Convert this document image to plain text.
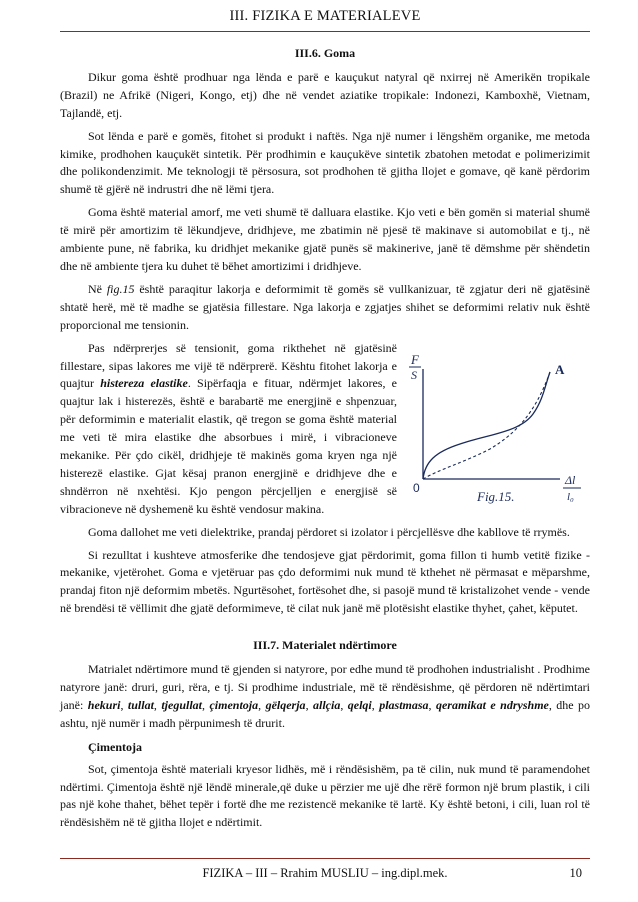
III. FIZIKA E MATERIALEVE
III.6. Goma

Dikur goma është prodhuar nga lënda e parë e kauçukut natyral që nxirrej në Amerikën tropikale (Brazil) ne Afrikë (Nigeri, Kongo, etj) dhe në vendet aziatike tropikale: Indonezi, Kamboxhë, Vietnam, Tajlandë, etj.

Sot lënda e parë e gomës, fitohet si produkt i naftës. Nga një numer i lëngshëm organike, me metoda kimike, prodhohen kauçukët sintetik. Për prodhimin e kauçukëve sintetik zbatohen metodat e polimerizimit dhe polikondenzimit. Me teknologji të përsosura, sot prodhohen të gjitha llojet e gomave, që kanë përdorim shumë të gjërë në indrustri dhe në lëmi tjera.

Goma është material amorf, me veti shumë të dalluara elastike. Kjo veti e bën gomën si material shumë të mirë për amortizim të lëkundjeve, dridhjeve, me zbatimin në pjesë të makinave si automobilat e tj., në ambiente pune, në fabrika, ku dridhjet mekanike gjatë punës së makinerive, janë të dëmshme për shëndetin dhe në ambiente tjera ku duhet të bëhet amortizimi i dridhjeve.

Në fig.15 është paraqitur lakorja e deformimit të gomës së vullkanizuar, të zgjatur deri në gjatësinë shtatë herë, më të madhe se gjatësia fillestare. Nga lakorja e zgjatjes shihet se deformimi relativ nuk është proporcional me tensionin.

F
S	A
0
Δl
l₀
Fig.15.

Pas ndërprerjes së tensionit, goma rikthehet në gjatësinë fillestare, sipas lakores me vijë të ndërprerë. Kështu fitohet lakorja e quajtur histereza elastike. Sipërfaqja e fituar, ndërmjet lakores, e quajtur lak i histerezës, është e barabartë me energjinë e shpenzuar, për deformimin e materialit elastik, që tregon se goma është material me veti të mira elastike dhe absorbues i mirë, i vibracioneve mekanike. Për çdo cikël, dridhjeje të makinës goma kryen nga një histerezë elastike. Gjat kësaj pranon energjinë e dridhjeve dhe e shndërron në nxehtësi. Kjo pengon përcjelljen e energjisë së vibracioneve në dyshemenë ku është vendosur makina.

Goma dallohet me veti dielektrike, prandaj përdoret si izolator i përcjellësve dhe kabllove të rrymës.

Si rezulltat i kushteve atmosferike dhe tendosjeve gjat përdorimit, goma fillon ti humb vetitë fizike - mekanike, vjetërohet. Goma e vjetëruar pas çdo deformimi nuk mund të kthehet në përmasat e mëparshme, prandaj fiton një deformim mbetës. Ngurtësohet, fortësohet dhe, si pasojë mund të kristalizohet vende - vende në brendësi të vëllimit dhe gjatë deformimeve, të cilat nuk janë më plotësisht elastike thyhet, çahet, këputet.

III.7. Materialet ndërtimore

Matrialet ndërtimore mund të gjenden si natyrore, por edhe mund të prodhohen industrialisht . Prodhime natyrore janë: druri, guri, rëra, e tj. Si prodhime industriale, më të rëndësishme, që përdoren në ndërtimtari janë: hekuri, tullat, tjegullat, çimentoja, gëlqerja, allçia, qelqi, plastmasa, qeramikat e ndryshme, dhe po ashtu, një numër i madh përpunimesh të drurit.

Çimentoja

Sot, çimentoja është materiali kryesor lidhës, më i rëndësishëm, pa të cilin, nuk mund të paramendohet ndërtimi. Çimentoja është një lëndë minerale,që duke u përzier me ujë dhe rërë formon një brum plastik, i cili pas një kohe thahet, bëhet tepër i fortë dhe me rezistencë mekanike të lartë. Ky është betoni, i cili, luan rol të rëndësishëm në të gjitha llojet e ndërtimit.

FIZIKA – III – Rrahim MUSLIU – ing.dipl.mek.	10
